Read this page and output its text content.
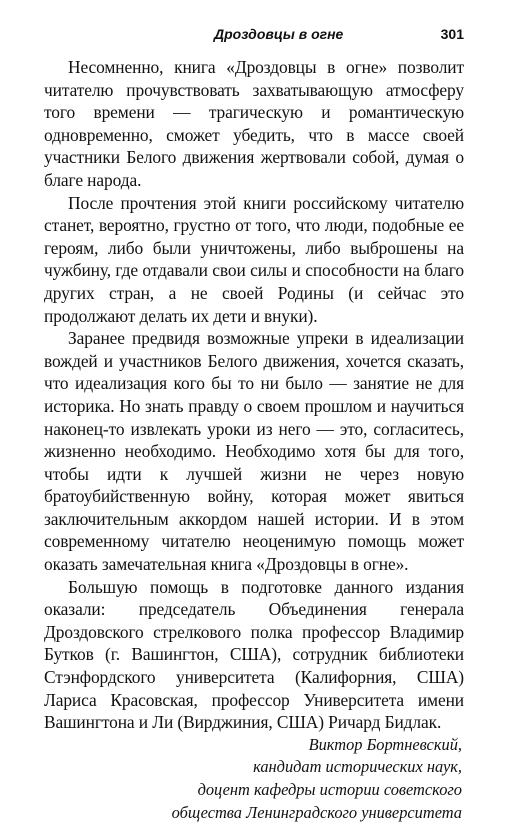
Дроздовцы в огне	301

Несомненно, книга «Дроздовцы в огне» позволит читателю прочувствовать захватывающую атмосферу того времени — трагическую и романтическую одновременно, сможет убедить, что в массе своей участники Белого движения жертвовали собой, думая о благе народа.

После прочтения этой книги российскому читателю станет, вероятно, грустно от того, что люди, подобные ее героям, либо были уничтожены, либо выброшены на чужбину, где отдавали свои силы и способности на благо других стран, а не своей Родины (и сейчас это продолжают делать их дети и внуки).

Заранее предвидя возможные упреки в идеализации вождей и участников Белого движения, хочется сказать, что идеализация кого бы то ни было — занятие не для историка. Но знать правду о своем прошлом и научиться наконец-то извлекать уроки из него — это, согласитесь, жизненно необходимо. Необходимо хотя бы для того, чтобы идти к лучшей жизни не через новую братоубийственную войну, которая может явиться заключительным аккордом нашей истории. И в этом современному читателю неоценимую помощь может оказать замечательная книга «Дроздовцы в огне».

Большую помощь в подготовке данного издания оказали: председатель Объединения генерала Дроздовского стрелкового полка профессор Владимир Бутков (г. Вашингтон, США), сотрудник библиотеки Стэнфордского университета (Калифорния, США) Лариса Красовская, профессор Университета имени Вашингтона и Ли (Вирджиния, США) Ричард Бидлак.

Виктор Бортневский,
кандидат исторических наук,
доцент кафедры истории советского
общества Ленинградского университета
